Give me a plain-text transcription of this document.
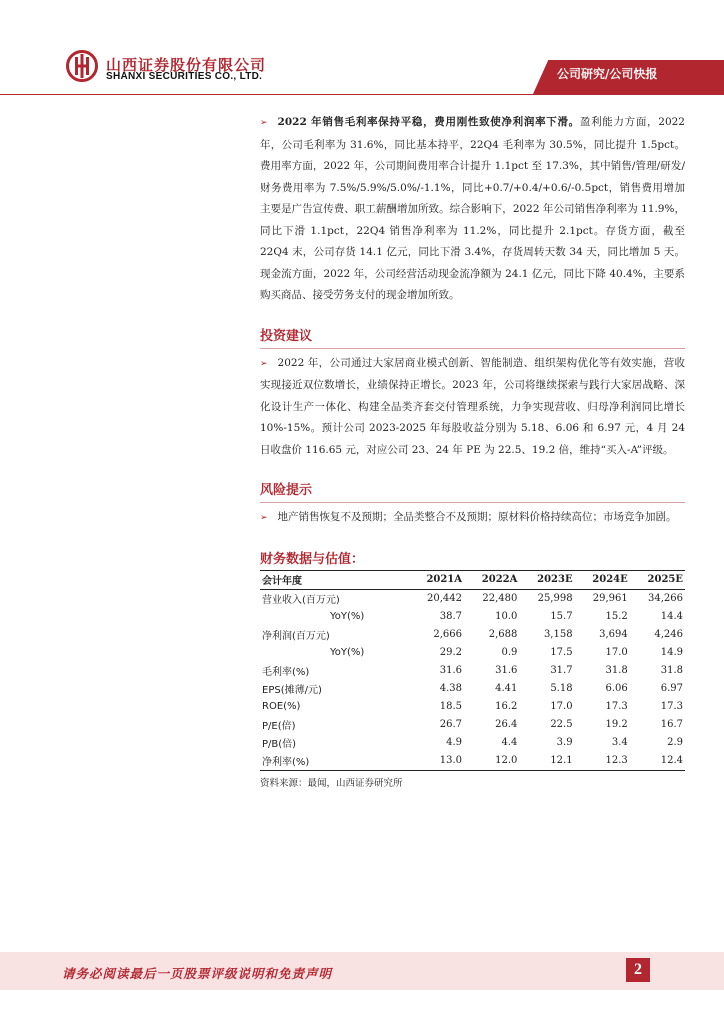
山西证券股份有限公司
SHANXI SECURITIES CO., LTD.	公司研究/公司快报

➢ 2022 年销售毛利率保持平稳，费用刚性致使净利润率下滑。盈利能力方面，2022 年，公司毛利率为 31.6%，同比基本持平，22Q4 毛利率为 30.5%，同比提升 1.5pct。费用率方面，2022 年，公司期间费用率合计提升 1.1pct 至 17.3%，其中销售/管理/研发/财务费用率为 7.5%/5.9%/5.0%/-1.1%，同比+0.7/+0.4/+0.6/-0.5pct，销售费用增加主要是广告宣传费、职工薪酬增加所致。综合影响下，2022 年公司销售净利率为 11.9%，同比下滑 1.1pct，22Q4 销售净利率为 11.2%，同比提升 2.1pct。存货方面，截至 22Q4 末，公司存货 14.1 亿元，同比下滑 3.4%，存货周转天数 34 天，同比增加 5 天。现金流方面，2022 年，公司经营活动现金流净额为 24.1 亿元，同比下降 40.4%，主要系购买商品、接受劳务支付的现金增加所致。

投资建议

➢ 2022 年，公司通过大家居商业模式创新、智能制造、组织架构优化等有效实施，营收实现接近双位数增长，业绩保持正增长。2023 年，公司将继续探索与践行大家居战略、深化设计生产一体化、构建全品类齐套交付管理系统，力争实现营收、归母净利润同比增长 10%-15%。预计公司 2023-2025 年每股收益分别为 5.18、6.06 和 6.97 元，4 月 24 日收盘价 116.65 元，对应公司 23、24 年 PE 为 22.5、19.2 倍，维持“买入-A”评级。

风险提示

➢ 地产销售恢复不及预期；全品类整合不及预期；原材料价格持续高位；市场竞争加剧。

财务数据与估值：
会计年度	2021A	2022A	2023E	2024E	2025E
营业收入(百万元)	20,442	22,480	25,998	29,961	34,266
YoY(%)	38.7	10.0	15.7	15.2	14.4
净利润(百万元)	2,666	2,688	3,158	3,694	4,246
YoY(%)	29.2	0.9	17.5	17.0	14.9
毛利率(%)	31.6	31.6	31.7	31.8	31.8
EPS(摊薄/元)	4.38	4.41	5.18	6.06	6.97
ROE(%)	18.5	16.2	17.0	17.3	17.3
P/E(倍)	26.7	26.4	22.5	19.2	16.7
P/B(倍)	4.9	4.4	3.9	3.4	2.9
净利率(%)	13.0	12.0	12.1	12.3	12.4
资料来源：最闻，山西证券研究所
请务必阅读最后一页股票评级说明和免责声明	2
